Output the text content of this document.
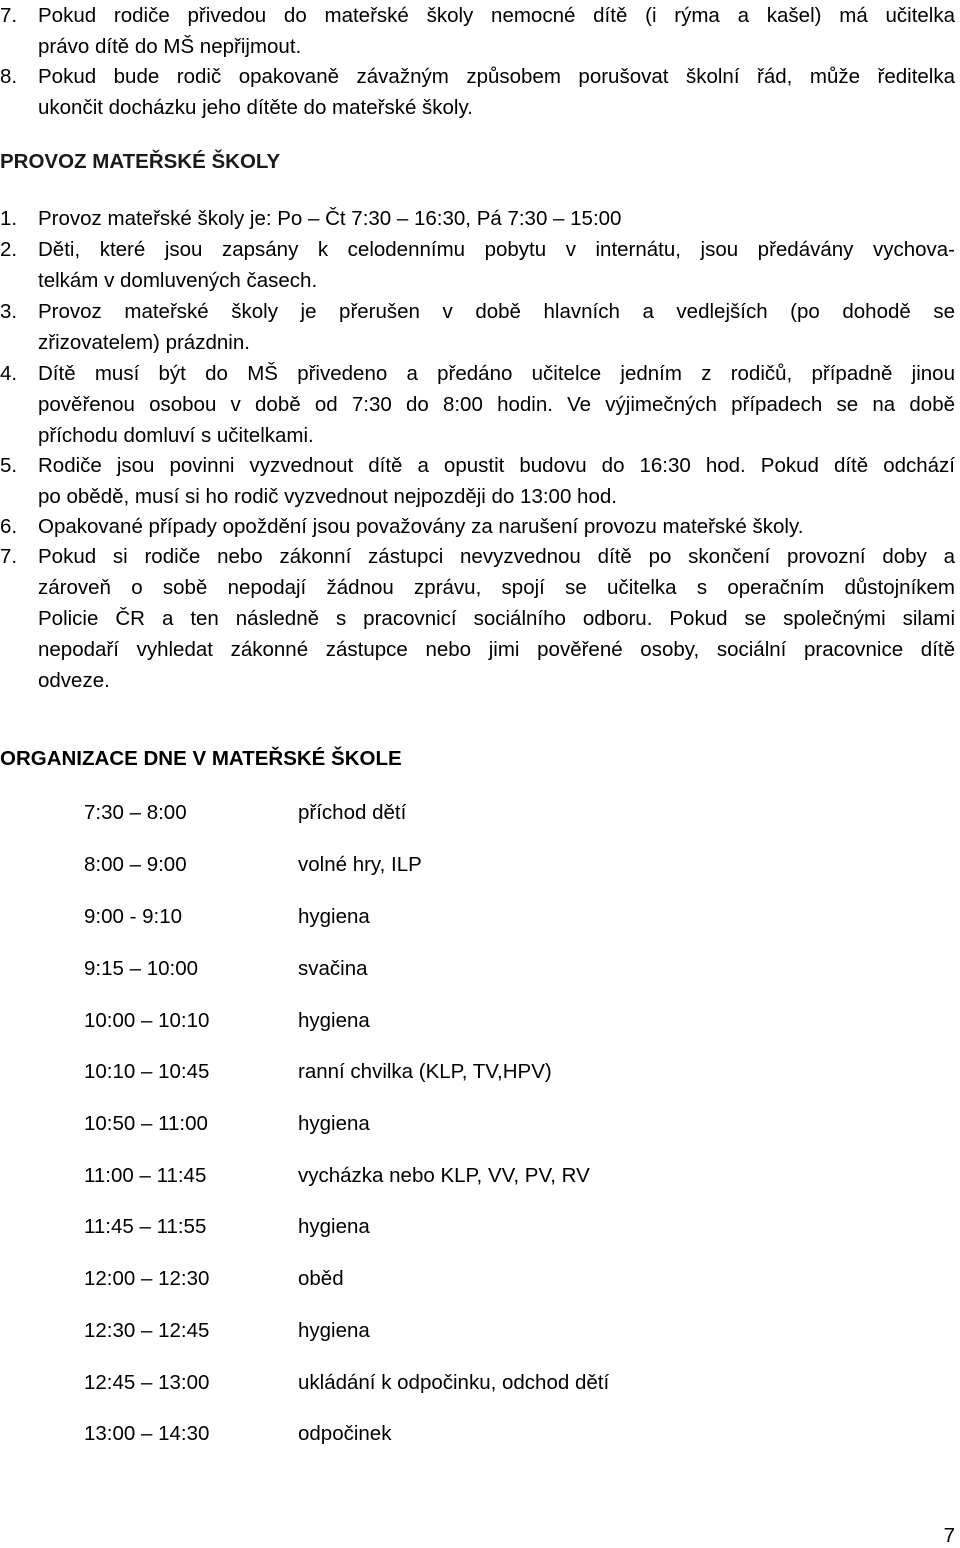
7.	Pokud rodiče přivedou do mateřské školy nemocné dítě (i rýma a kašel) má učitelka
právo dítě do MŠ nepřijmout.
8.	Pokud bude rodič opakovaně závažným způsobem porušovat školní řád, může ředitelka
ukončit docházku jeho dítěte do mateřské školy.
PROVOZ MATEŘSKÉ ŠKOLY
1.	Provoz mateřské školy je: Po – Čt 7:30 – 16:30, Pá 7:30 – 15:00
2.	Děti, které jsou zapsány k celodennímu pobytu v internátu, jsou předávány vychova-
telkám v domluvených časech.
3.	Provoz mateřské školy je přerušen v době hlavních a vedlejších (po dohodě se
zřizovatelem) prázdnin.
4.	Dítě musí být do MŠ přivedeno a předáno učitelce jedním z rodičů, případně jinou
pověřenou osobou v době od 7:30 do 8:00 hodin. Ve výjimečných případech se na době
příchodu domluví s učitelkami.
5.	Rodiče jsou povinni vyzvednout dítě a opustit budovu do 16:30 hod. Pokud dítě odchází
po obědě, musí si ho rodič vyzvednout nejpozději do 13:00 hod.
6.	Opakované případy opoždění jsou považovány za narušení provozu mateřské školy.
7.	Pokud si rodiče nebo zákonní zástupci nevyzvednou dítě po skončení provozní doby a
zároveň o sobě nepodají žádnou zprávu, spojí se učitelka s operačním důstojníkem
Policie ČR a ten následně s pracovnicí sociálního odboru. Pokud se společnými silami
nepodaří vyhledat zákonné zástupce nebo jimi pověřené osoby, sociální pracovnice dítě
odveze.
ORGANIZACE DNE V MATEŘSKÉ ŠKOLE
7:30 – 8:00	příchod dětí
8:00 – 9:00	volné hry, ILP
9:00 - 9:10	hygiena
9:15 – 10:00	svačina
10:00 – 10:10	hygiena
10:10 – 10:45	ranní chvilka (KLP, TV,HPV)
10:50 – 11:00	hygiena
11:00 – 11:45	vycházka nebo KLP, VV, PV, RV
11:45 – 11:55	hygiena
12:00 – 12:30	oběd
12:30 – 12:45	hygiena
12:45 – 13:00	ukládání k odpočinku, odchod dětí
13:00 – 14:30	odpočinek
7
